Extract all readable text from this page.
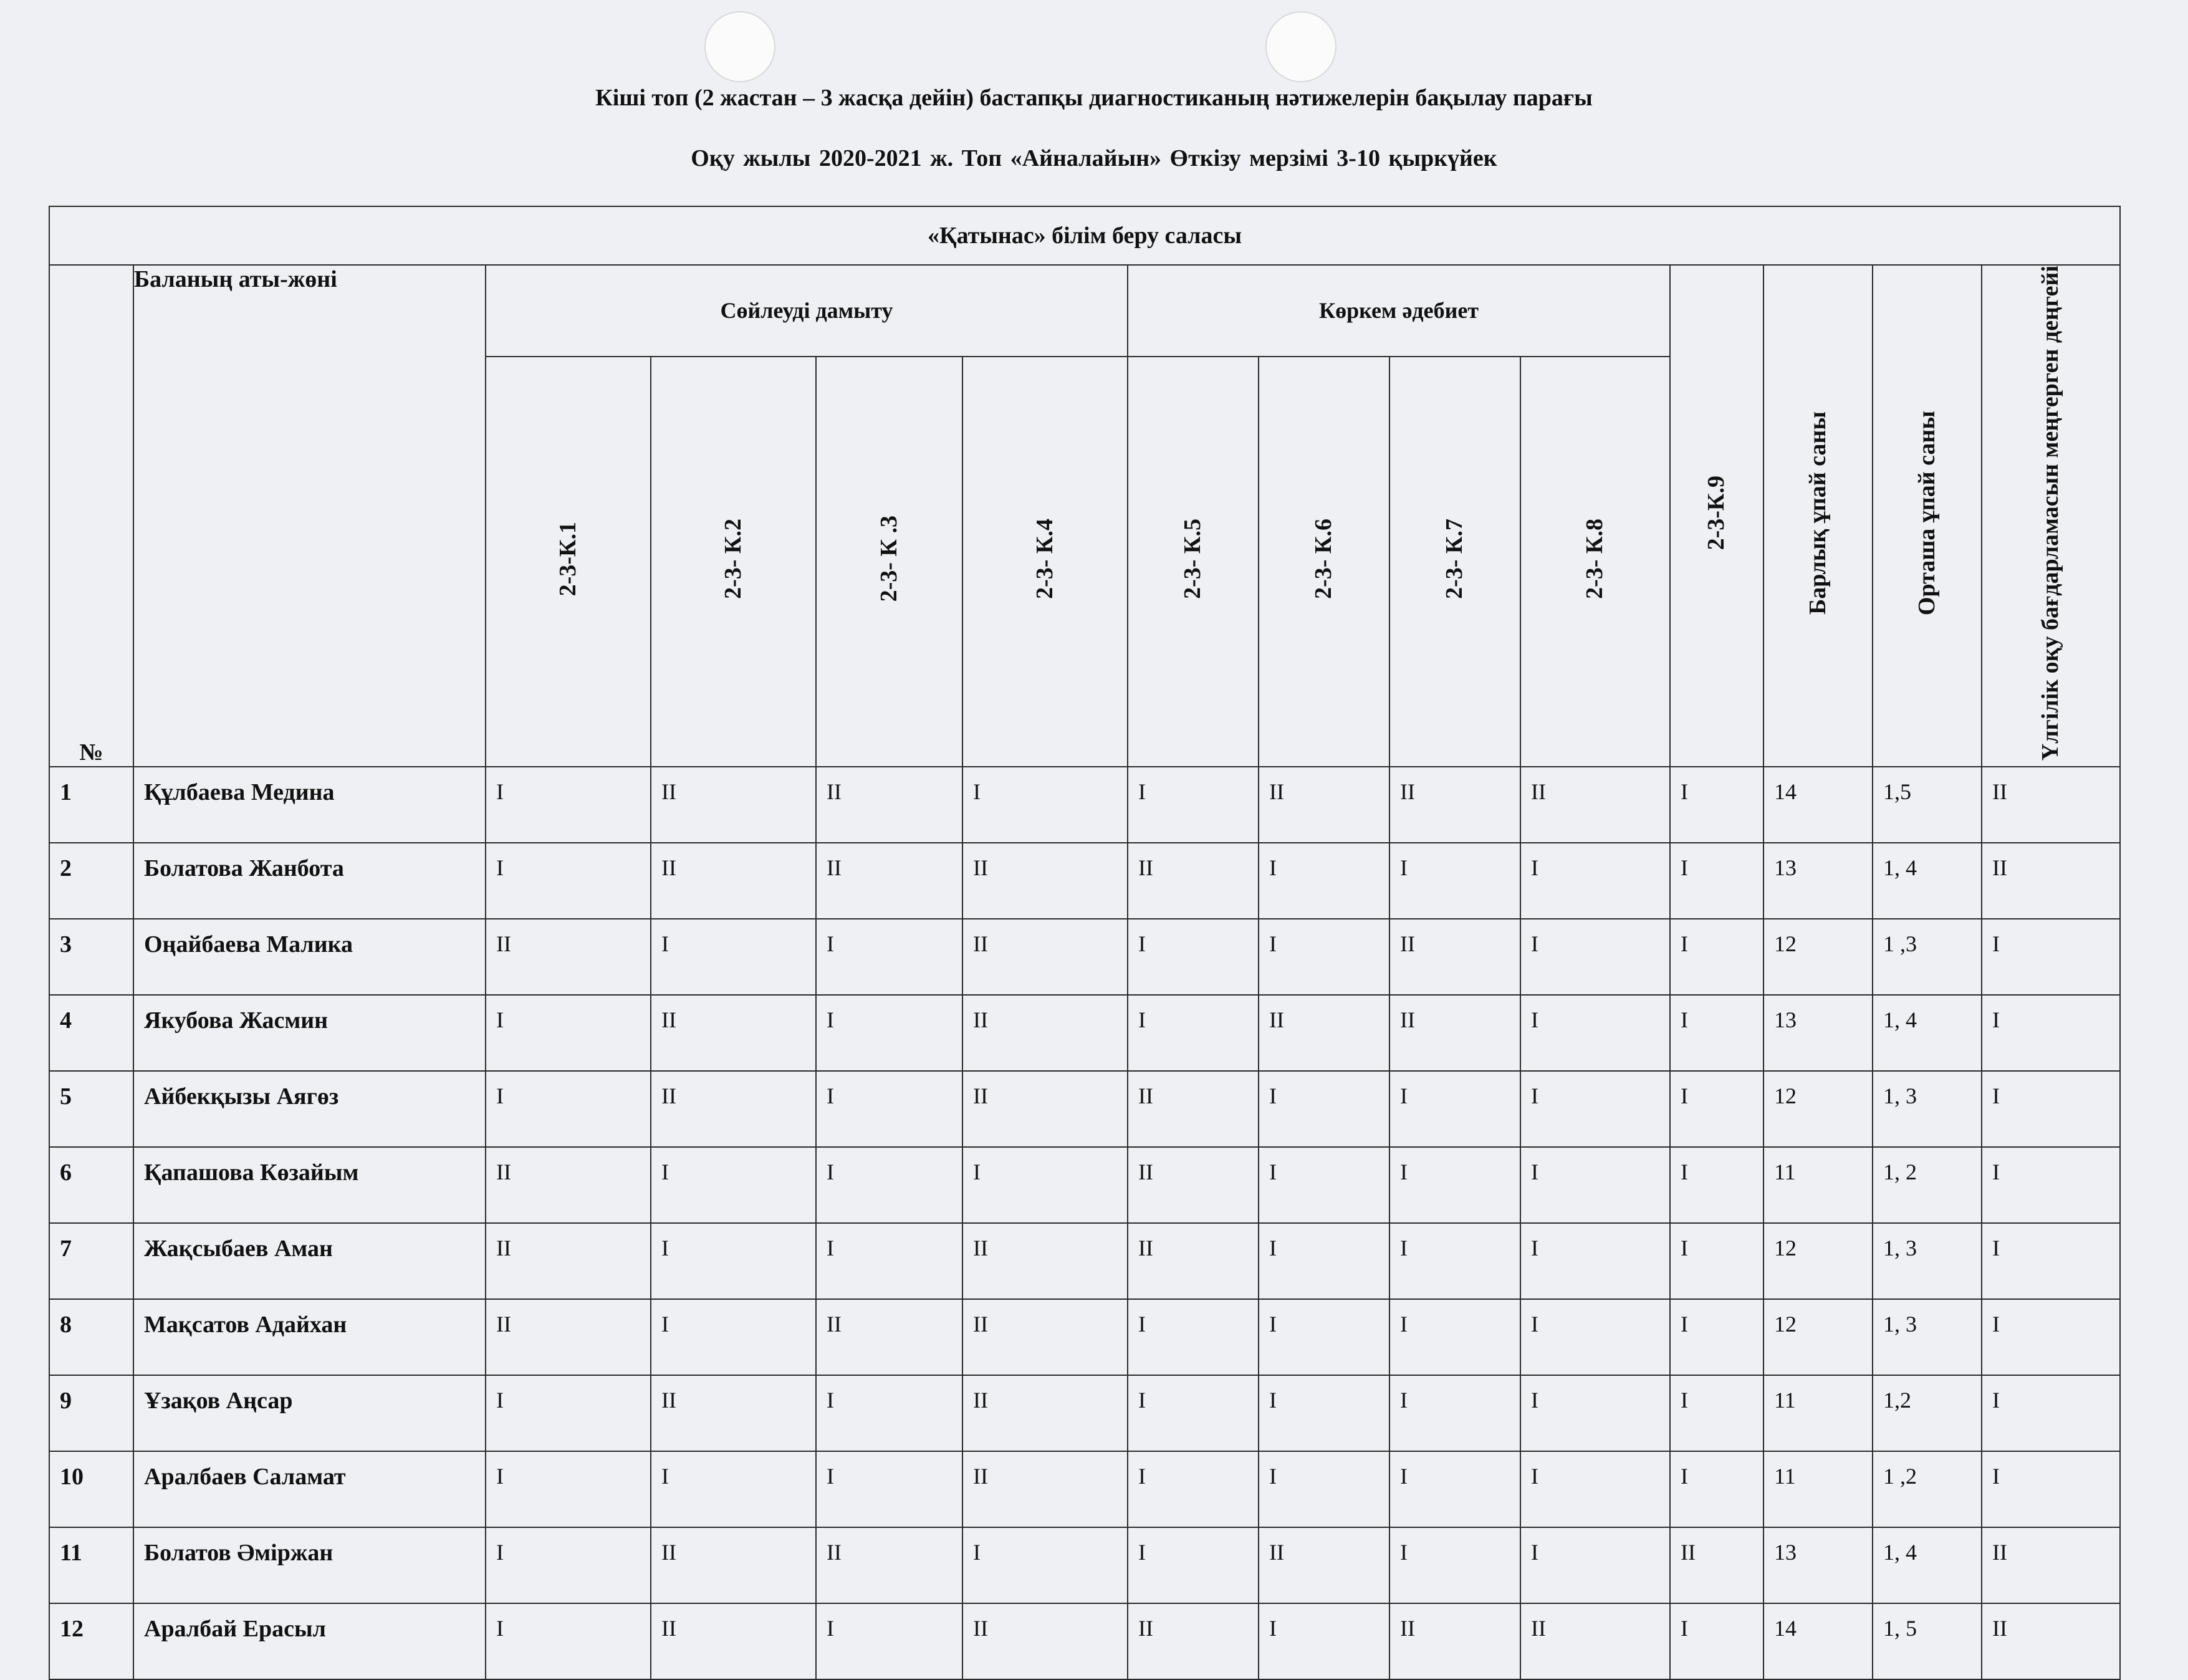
Кіші топ (2 жастан – 3 жасқа дейін) бастапқы диагностиканың нәтижелерін бақылау парағы
Оқу жылы 2020-2021 ж. Топ «Айналайын» Өткізу мерзімі 3-10 қыркүйек
«Қатынас» білім беру саласы													
№	Баланың аты-жөні	Сөйлеуді дамыту				Көркем әдебиет				2-3-К.9	Барлық ұпай саны	Орташа ұпай саны	Үлгілік оқу бағдарламасын меңгерген деңгейі
		2-3-К.1	2-3- К.2	2-3- К .3	2-3- К.4	2-3- К.5	2-3- К.6	2-3- К.7	2-3- К.8				
1	Құлбаева Медина	I	II	II	I	I	II	II	II	I	14	1,5	II
2	Болатова Жанбота	I	II	II	II	II	I	I	I	I	13	1, 4	II
3	Оңайбаева Малика	II	I	I	II	I	I	II	I	I	12	1 ,3	I
4	Якубова Жасмин	I	II	I	II	I	II	II	I	I	13	1, 4	I
5	Айбекқызы Аягөз	I	II	I	II	II	I	I	I	I	12	1, 3	I
6	Қапашова Көзайым	II	I	I	I	II	I	I	I	I	11	1, 2	I
7	Жақсыбаев Аман	II	I	I	II	II	I	I	I	I	12	1, 3	I
8	Мақсатов Адайхан	II	I	II	II	I	I	I	I	I	12	1, 3	I
9	Ұзақов Аңсар	I	II	I	II	I	I	I	I	I	11	1,2	I
10	Аралбаев Саламат	I	I	I	II	I	I	I	I	I	11	1 ,2	I
11	Болатов Әміржан	I	II	II	I	I	II	I	I	II	13	1, 4	II
12	Аралбай Ерасыл	I	II	I	II	II	I	II	II	I	14	1, 5	II
